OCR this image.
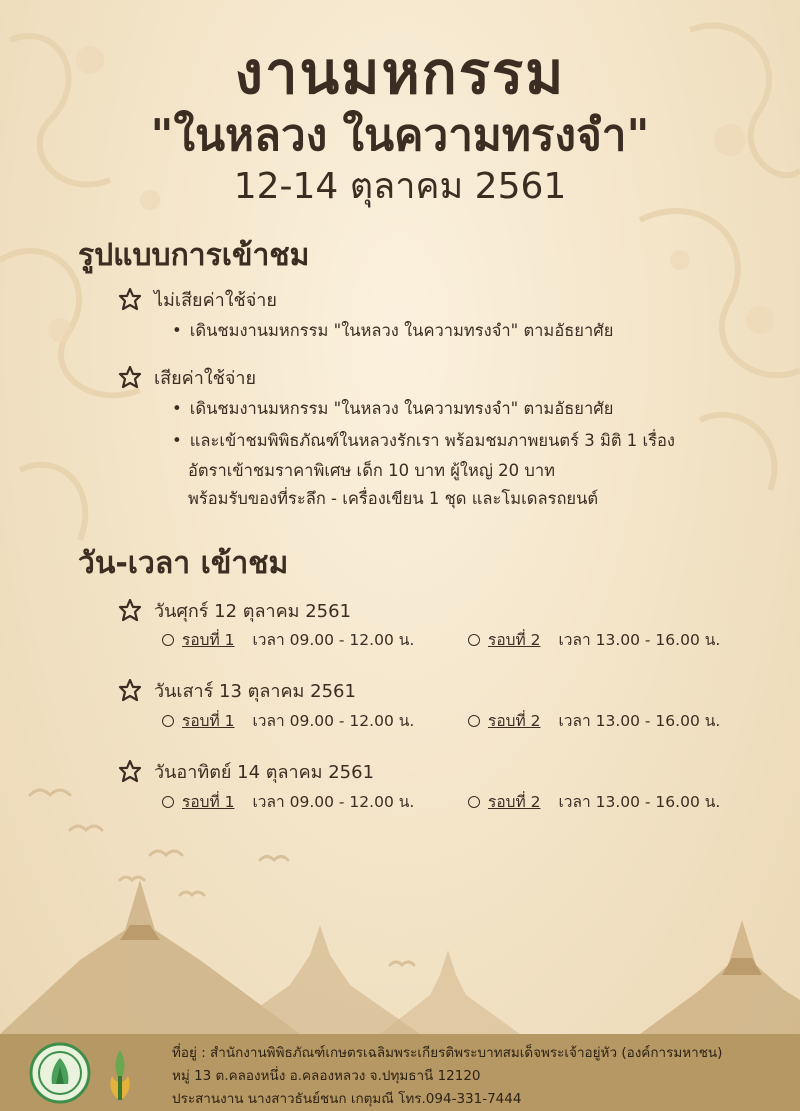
งานมหกรรม
"ในหลวง ในความทรงจำ"
12-14 ตุลาคม 2561
รูปแบบการเข้าชม
ไม่เสียค่าใช้จ่าย
• เดินชมงานมหกรรม "ในหลวง ในความทรงจำ" ตามอัธยาศัย
เสียค่าใช้จ่าย
• เดินชมงานมหกรรม "ในหลวง ในความทรงจำ" ตามอัธยาศัย
• และเข้าชมพิพิธภัณฑ์ในหลวงรักเรา พร้อมชมภาพยนตร์ 3 มิติ 1 เรื่อง
อัตราเข้าชมราคาพิเศษ เด็ก 10 บาท ผู้ใหญ่ 20 บาท
พร้อมรับของที่ระลึก - เครื่องเขียน 1 ชุด และโมเดลรถยนต์
วัน-เวลา เข้าชม
วันศุกร์ 12 ตุลาคม 2561
รอบที่ 1 เวลา 09.00 - 12.00 น.	รอบที่ 2 เวลา 13.00 - 16.00 น.
วันเสาร์ 13 ตุลาคม 2561
รอบที่ 1 เวลา 09.00 - 12.00 น.	รอบที่ 2 เวลา 13.00 - 16.00 น.
วันอาทิตย์ 14 ตุลาคม 2561
รอบที่ 1 เวลา 09.00 - 12.00 น.	รอบที่ 2 เวลา 13.00 - 16.00 น.
ที่อยู่ : สำนักงานพิพิธภัณฑ์เกษตรเฉลิมพระเกียรติพระบาทสมเด็จพระเจ้าอยู่หัว (องค์การมหาชน)
หมู่ 13 ต.คลองหนึ่ง อ.คลองหลวง จ.ปทุมธานี 12120
ประสานงาน นางสาวธันย์ชนก เกตุมณี โทร.094-331-7444
